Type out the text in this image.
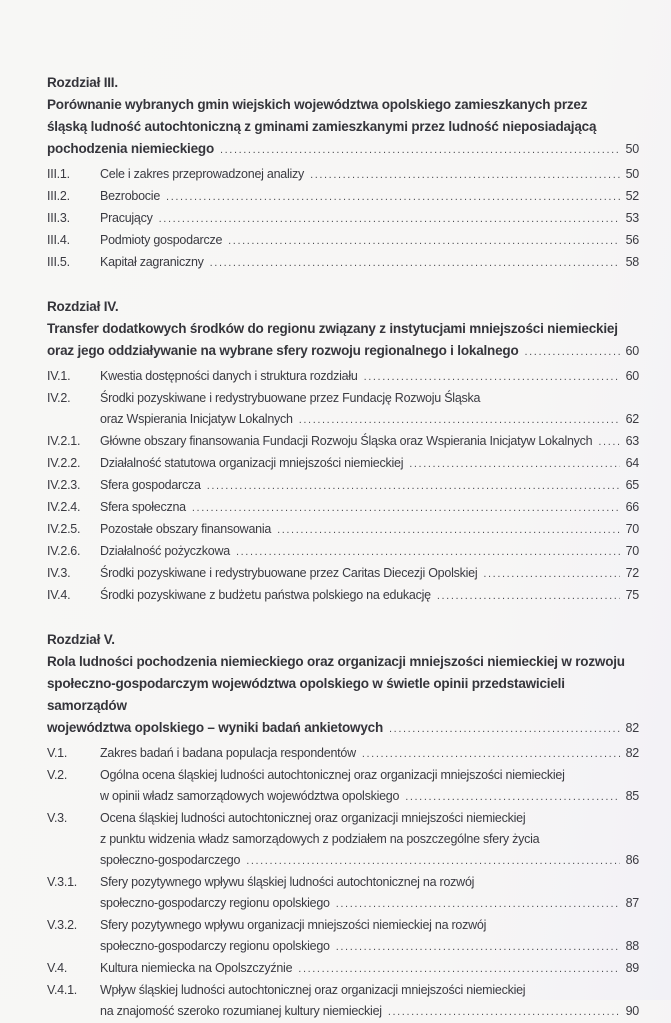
Rozdział III.
Porównanie wybranych gmin wiejskich województwa opolskiego zamieszkanych przez
śląską ludność autochtoniczną z gminami zamieszkanymi przez ludność nieposiadającą
pochodzenia niemieckiego .....	50
III.1.	Cele i zakres przeprowadzonej analizy .....	50
III.2.	Bezrobocie .....	52
III.3.	Pracujący .....	53
III.4.	Podmioty gospodarcze .....	56
III.5.	Kapitał zagraniczny .....	58
Rozdział IV.
Transfer dodatkowych środków do regionu związany z instytucjami mniejszości niemieckiej
oraz jego oddziaływanie na wybrane sfery rozwoju regionalnego i lokalnego .....	60
IV.1.	Kwestia dostępności danych i struktura rozdziału .....	60
IV.2.	Środki pozyskiwane i redystrybuowane przez Fundację Rozwoju Śląska
oraz Wspierania Inicjatyw Lokalnych .....	62
IV.2.1.	Główne obszary finansowania Fundacji Rozwoju Śląska oraz Wspierania Inicjatyw Lokalnych .....	63
IV.2.2.	Działalność statutowa organizacji mniejszości niemieckiej .....	64
IV.2.3.	Sfera gospodarcza .....	65
IV.2.4.	Sfera społeczna .....	66
IV.2.5.	Pozostałe obszary finansowania .....	70
IV.2.6.	Działalność pożyczkowa .....	70
IV.3.	Środki pozyskiwane i redystrybuowane przez Caritas Diecezji Opolskiej .....	72
IV.4.	Środki pozyskiwane z budżetu państwa polskiego na edukację .....	75
Rozdział V.
Rola ludności pochodzenia niemieckiego oraz organizacji mniejszości niemieckiej w rozwoju
społeczno-gospodarczym województwa opolskiego w świetle opinii przedstawicieli samorządów
województwa opolskiego – wyniki badań ankietowych .....	82
V.1.	Zakres badań i badana populacja respondentów .....	82
V.2.	Ogólna ocena śląskiej ludności autochtonicznej oraz organizacji mniejszości niemieckiej
w opinii władz samorządowych województwa opolskiego .....	85
V.3.	Ocena śląskiej ludności autochtonicznej oraz organizacji mniejszości niemieckiej
z punktu widzenia władz samorządowych z podziałem na poszczególne sfery życia
społeczno-gospodarczego .....	86
V.3.1.	Sfery pozytywnego wpływu śląskiej ludności autochtonicznej na rozwój
społeczno-gospodarczy regionu opolskiego .....	87
V.3.2.	Sfery pozytywnego wpływu organizacji mniejszości niemieckiej na rozwój
społeczno-gospodarczy regionu opolskiego .....	88
V.4.	Kultura niemiecka na Opolszczyźnie .....	89
V.4.1.	Wpływ śląskiej ludności autochtonicznej oraz organizacji mniejszości niemieckiej
na znajomość szeroko rozumianej kultury niemieckiej .....	90
